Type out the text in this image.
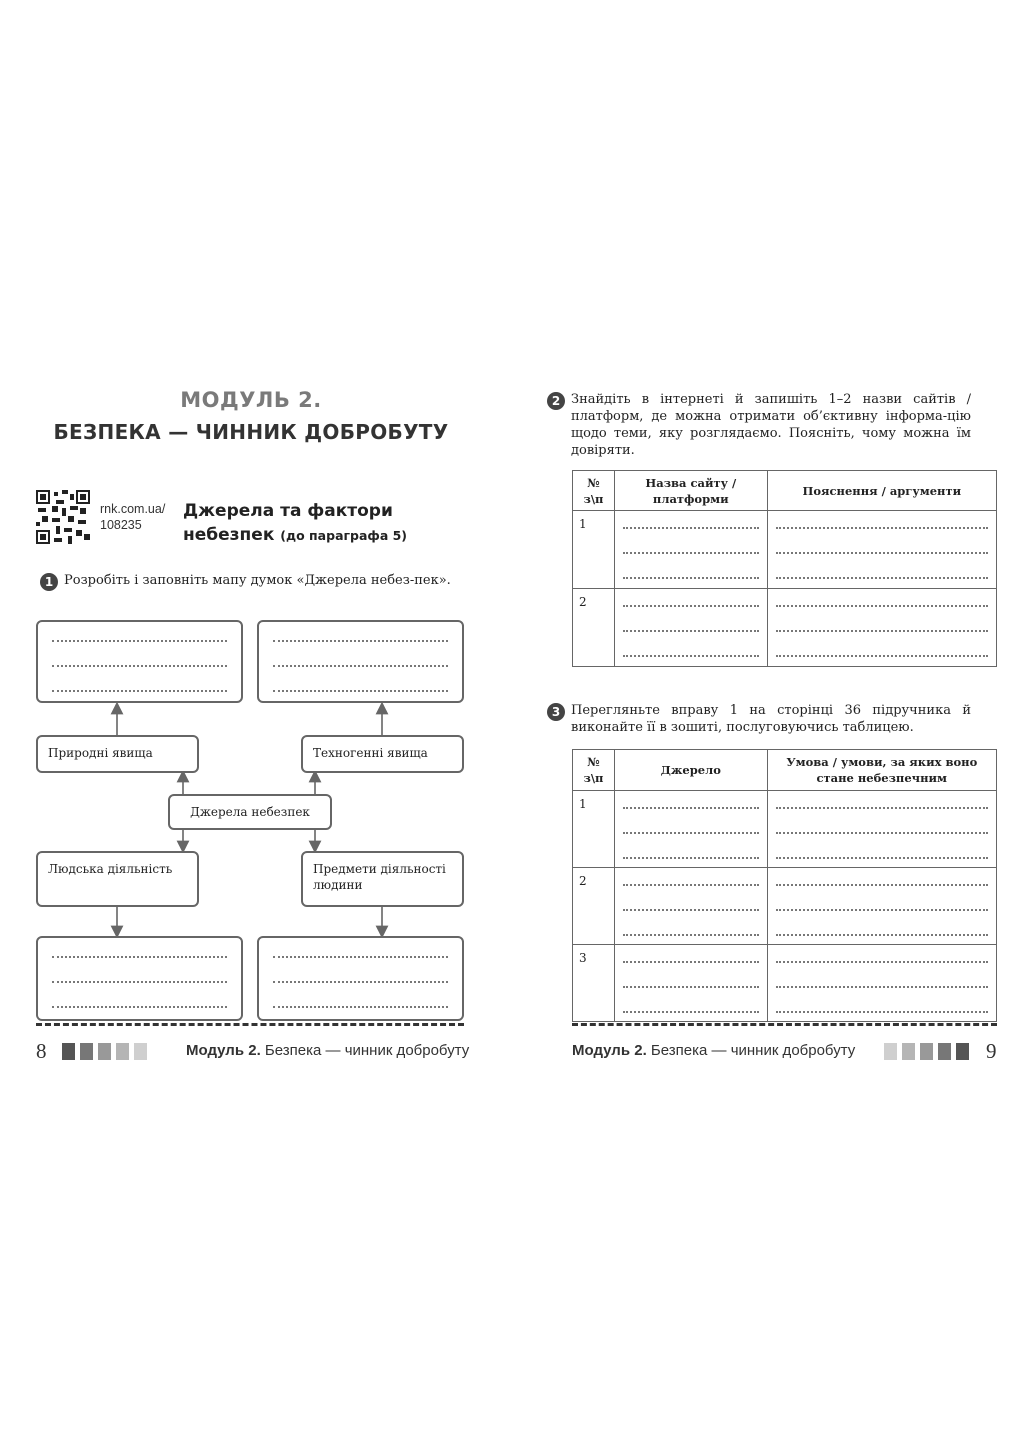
МОДУЛЬ 2.
БЕЗПЕКА — ЧИННИК ДОБРОБУТУ
rnk.com.ua/
108235
Джерела та фактори
небезпек (до параграфа 5)
1 Розробіть і заповніть мапу думок «Джерела небез-пек».
Природні явища	Техногенні явища
Джерела небезпек
Людська діяльність	Предмети діяльності людини
8
	Модуль 2. Безпека — чинник добробуту
2 Знайдіть в інтернеті й запишіть 1–2 назви сайтів / платформ, де можна отримати об’єктивну інформа-цію щодо теми, яку розглядаємо. Поясніть, чому можна їм довіряти.
№ з\п	Назва сайту / платформи	Пояснення / аргументи
1	

2	

3 Перегляньте вправу 1 на сторінці 36 підручника й виконайте її в зошиті, послуговуючись таблицею.
№ з\п	Джерело	Умова / умови, за яких воно стане небезпечним
1	

2	

3	

Модуль 2. Безпека — чинник добробуту
	9
